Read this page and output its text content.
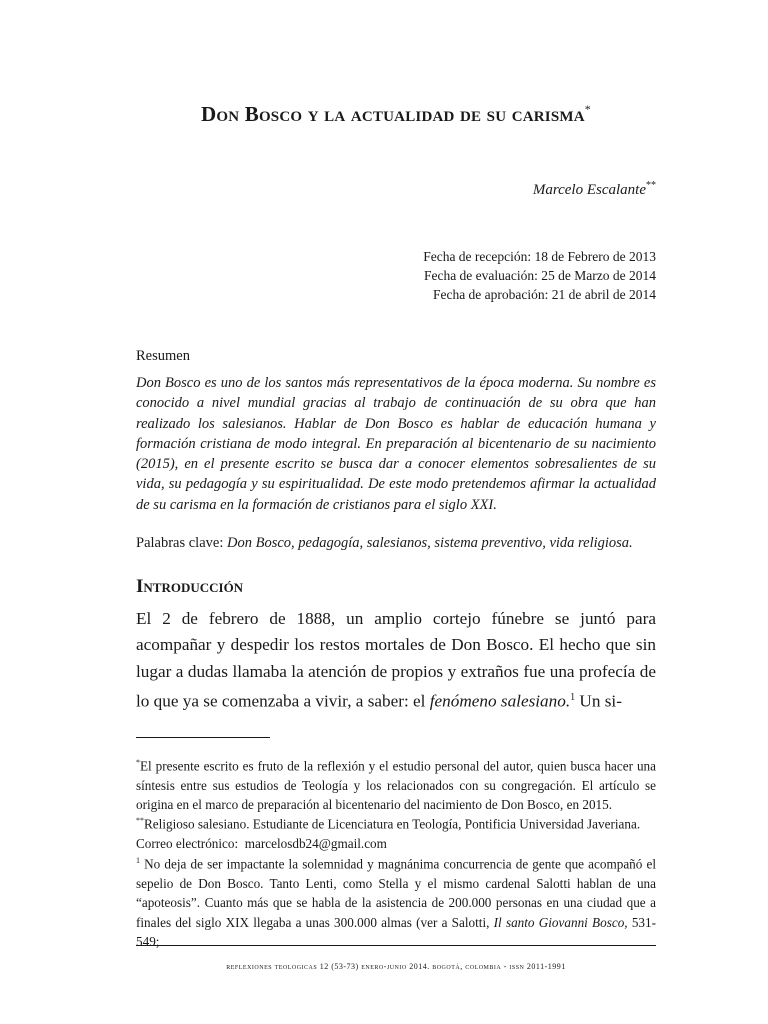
Don Bosco y la actualidad de su carisma*
Marcelo Escalante**
Fecha de recepción: 18 de Febrero de 2013
Fecha de evaluación: 25 de Marzo de 2014
Fecha de aprobación: 21 de abril de 2014
Resumen

Don Bosco es uno de los santos más representativos de la época moderna. Su nombre es conocido a nivel mundial gracias al trabajo de continuación de su obra que han realizado los salesianos. Hablar de Don Bosco es hablar de educación humana y formación cristiana de modo integral. En preparación al bicentenario de su nacimiento (2015), en el presente escrito se busca dar a conocer elementos sobresalientes de su vida, su pedagogía y su espiritualidad. De este modo pretendemos afirmar la actualidad de su carisma en la formación de cristianos para el siglo XXI.

Palabras clave: Don Bosco, pedagogía, salesianos, sistema preventivo, vida religiosa.
Introducción

El 2 de febrero de 1888, un amplio cortejo fúnebre se juntó para acompañar y despedir los restos mortales de Don Bosco. El hecho que sin lugar a dudas llamaba la atención de propios y extraños fue una profecía de lo que ya se comenzaba a vivir, a saber: el fenómeno salesiano.$^1$ Un si-

*El presente escrito es fruto de la reflexión y el estudio personal del autor, quien busca hacer una síntesis entre sus estudios de Teología y los relacionados con su congregación. El artículo se origina en el marco de preparación al bicentenario del nacimiento de Don Bosco, en 2015.

**Religioso salesiano. Estudiante de Licenciatura en Teología, Pontificia Universidad Javeriana.
Correo electrónico:  marcelosdb24@gmail.com

$^1$ No deja de ser impactante la solemnidad y magnánima concurrencia de gente que acompañó el sepelio de Don Bosco. Tanto Lenti, como Stella y el mismo cardenal Salotti hablan de una “apoteosis”. Cuanto más que se habla de la asistencia de 200.000 personas en una ciudad que a finales del siglo XIX llegaba a unas 300.000 almas (ver a Salotti, Il santo Giovanni Bosco, 531-549;

reflexiones teologicas 12 (53-73) enero-junio 2014. bogotá, colombia - issn 2011-1991
